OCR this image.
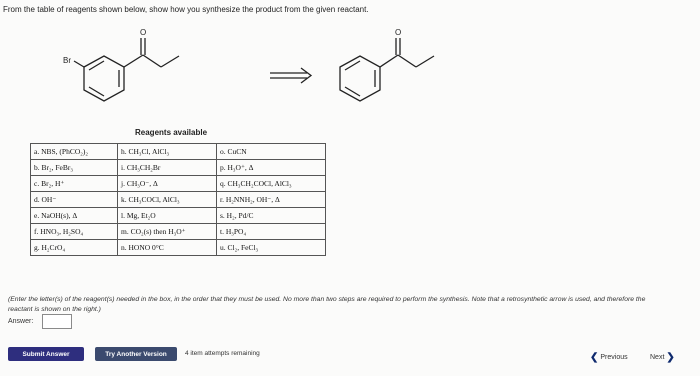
From the table of reagents shown below, show how you synthesize the product from the given reactant.
Br
O	O
Reagents available
a. NBS, (PhCO₂)₂	h. CH₃Cl, AlCl₃	o. CuCN
b. Br₂, FeBr₃	i. CH₃CH₂Br	p. H₃O⁺, Δ
c. Br₂, H⁺	j. CH₃O⁻, Δ	q. CH₃CH₂COCl, AlCl₃
d. OH⁻	k. CH₃COCl, AlCl₃	r. H₂NNH₂, OH⁻, Δ
e. NaOH(s), Δ	l. Mg, Et₂O	s. H₂, Pd/C
f. HNO₃, H₂SO₄	m. CO₂(s) then H₃O⁺	t. H₃PO₄
g. H₂CrO₄	n. HONO 0°C	u. Cl₂, FeCl₃
(Enter the letter(s) of the reagent(s) needed in the box, in the order that they must be used. No more than two steps are required to perform the synthesis. Note that a retrosynthetic arrow is used, and therefore the reactant is shown on the right.)
Answer:
Submit Answer	Try Another Version	4 item attempts remaining	❮ Previous	Next ❯
